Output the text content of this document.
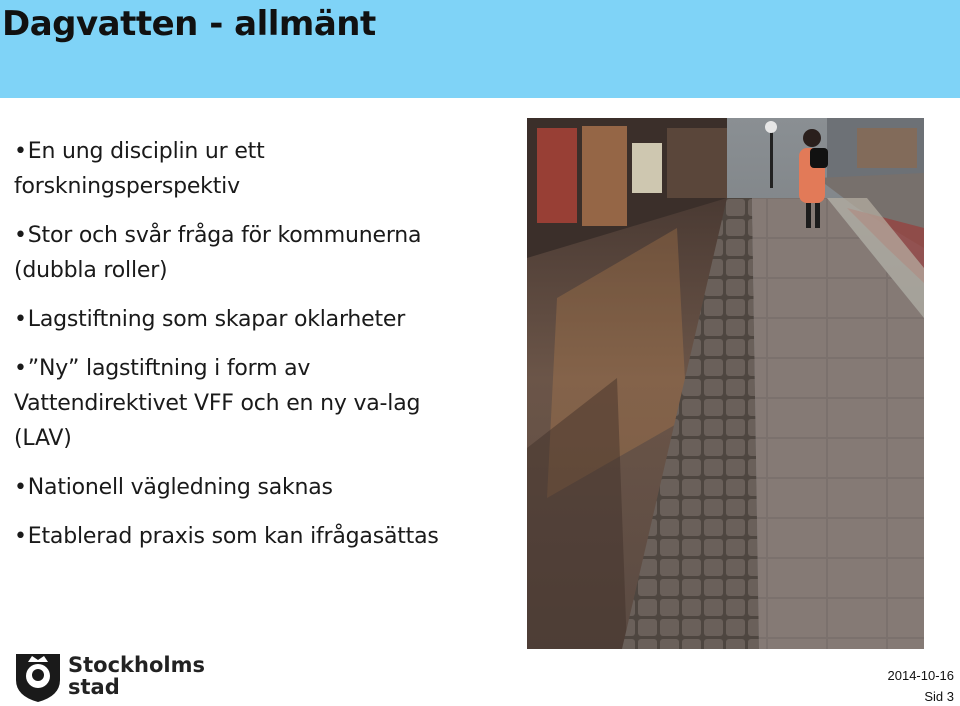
Dagvatten - allmänt
•En ung disciplin ur ett forskningsperspektiv
•Stor och svår fråga för kommunerna (dubbla roller)
•Lagstiftning som skapar oklarheter
•”Ny” lagstiftning i form av Vattendirektivet VFF och en ny va-lag (LAV)
•Nationell vägledning saknas
•Etablerad praxis som kan ifrågasättas
Stockholms
stad	2014-10-16
Sid 3
